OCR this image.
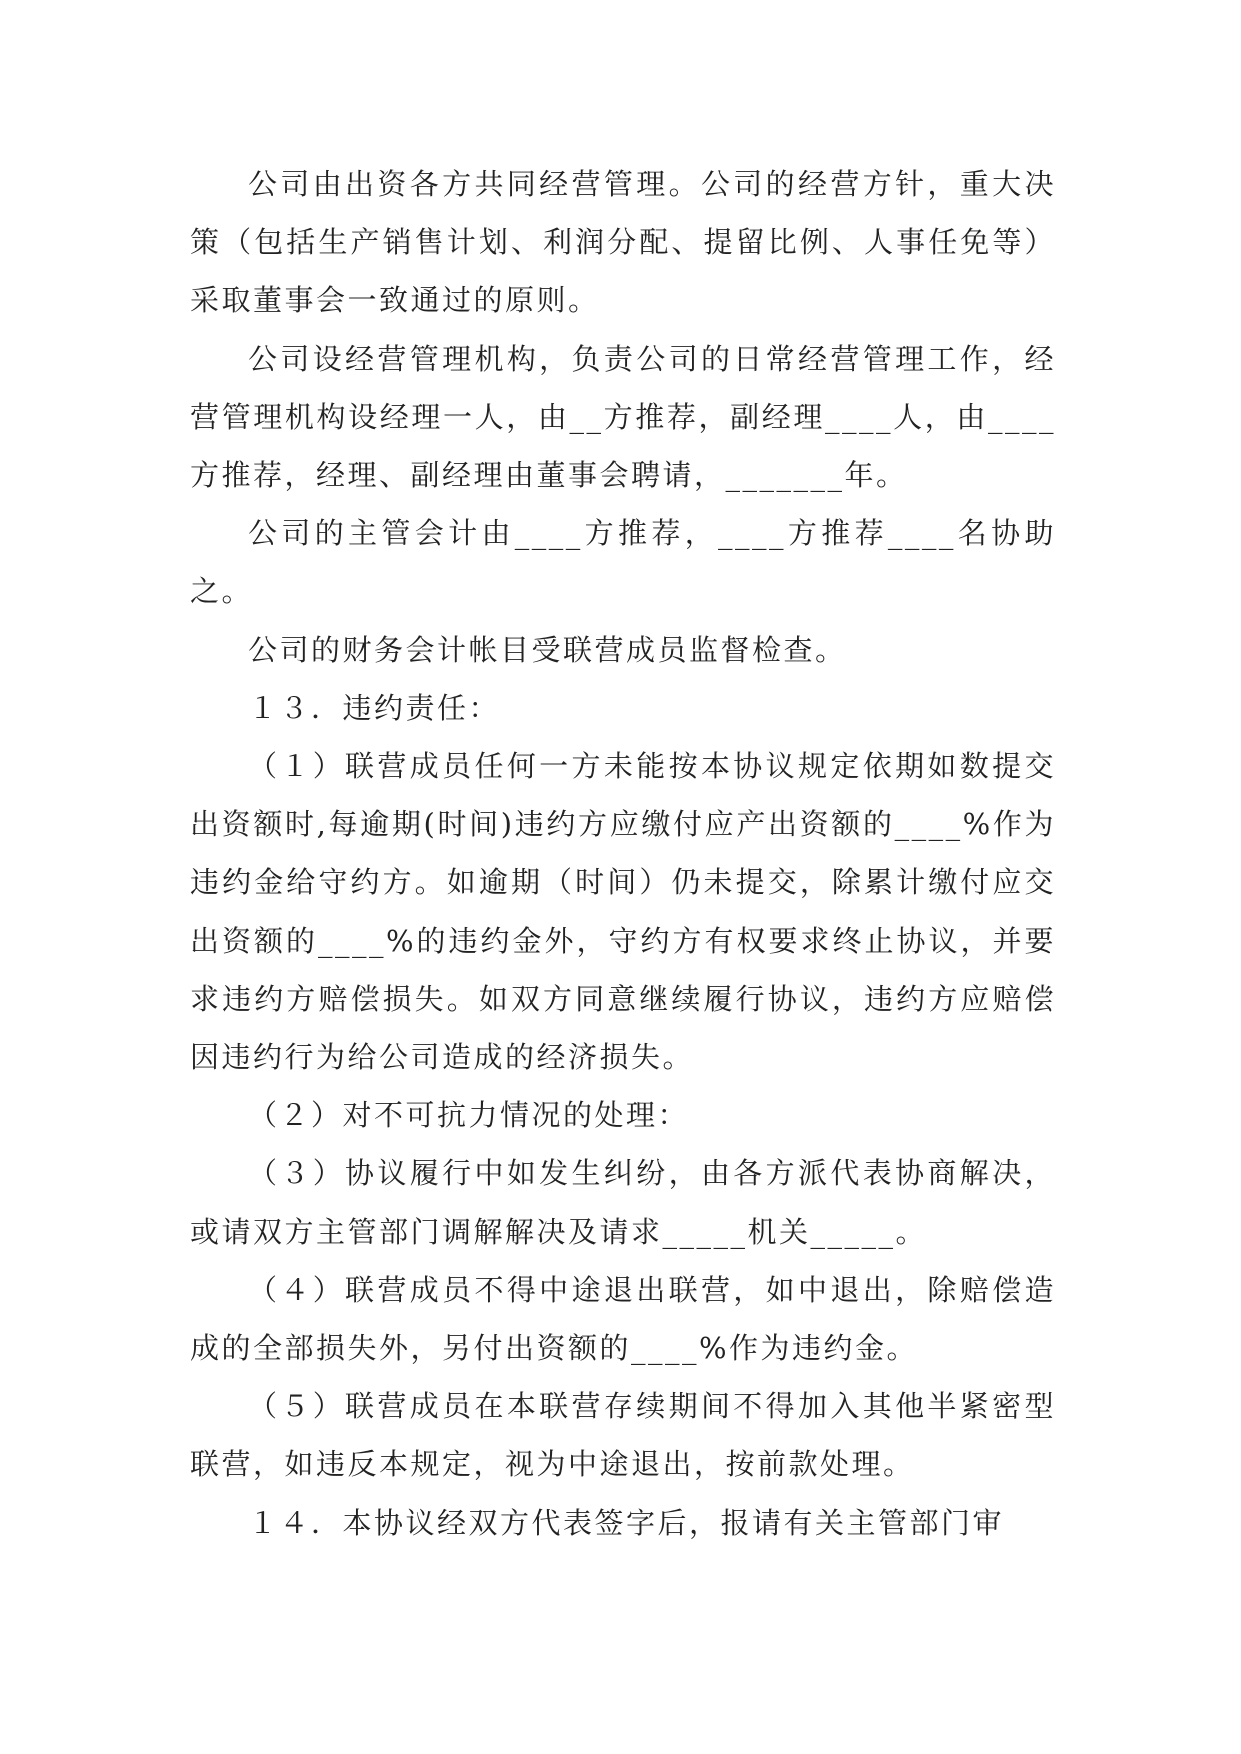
公司由出资各方共同经营管理。公司的经营方针，重大决策（包括生产销售计划、利润分配、提留比例、人事任免等）采取董事会一致通过的原则。

公司设经营管理机构，负责公司的日常经营管理工作，经营管理机构设经理一人，由__方推荐，副经理____人，由____方推荐，经理、副经理由董事会聘请，_______年。

公司的主管会计由____方推荐，____方推荐____名协助之。

公司的财务会计帐目受联营成员监督检查。

１３．违约责任：

（１）联营成员任何一方未能按本协议规定依期如数提交出资额时,每逾期(时间)违约方应缴付应产出资额的____%作为违约金给守约方。如逾期（时间）仍未提交，除累计缴付应交出资额的____%的违约金外，守约方有权要求终止协议，并要求违约方赔偿损失。如双方同意继续履行协议，违约方应赔偿因违约行为给公司造成的经济损失。

（２）对不可抗力情况的处理：

（３）协议履行中如发生纠纷，由各方派代表协商解决，或请双方主管部门调解解决及请求_____机关_____。

（４）联营成员不得中途退出联营，如中退出，除赔偿造成的全部损失外，另付出资额的____%作为违约金。

（５）联营成员在本联营存续期间不得加入其他半紧密型联营，如违反本规定，视为中途退出，按前款处理。

１４．本协议经双方代表签字后，报请有关主管部门审
